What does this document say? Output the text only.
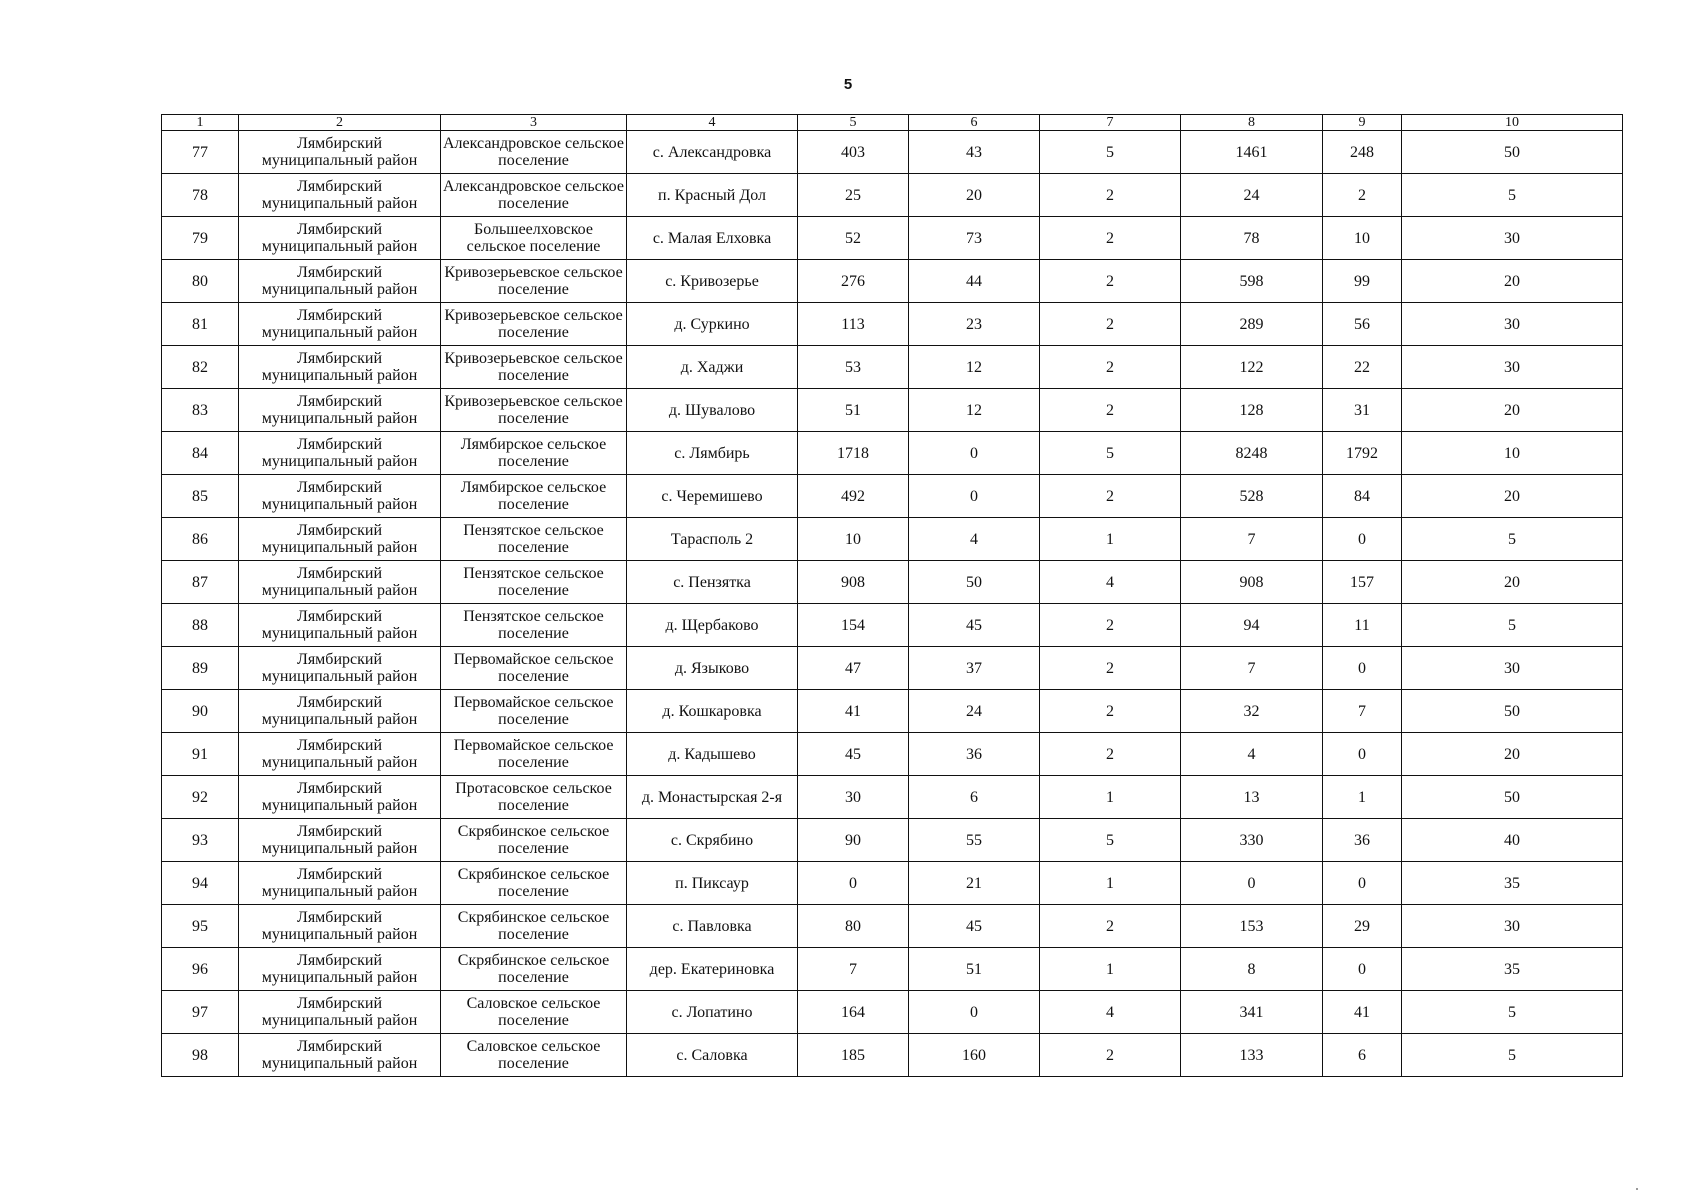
5
1	2	3	4	5	6	7	8	9	10
77	Лямбирский муниципальный район	Александровское сельское поселение	с. Александровка	403	43	5	1461	248	50
78	Лямбирский муниципальный район	Александровское сельское поселение	п. Красный Дол	25	20	2	24	2	5
79	Лямбирский муниципальный район	Большеелховское сельское поселение	с. Малая Елховка	52	73	2	78	10	30
80	Лямбирский муниципальный район	Кривозерьевское сельское поселение	с. Кривозерье	276	44	2	598	99	20
81	Лямбирский муниципальный район	Кривозерьевское сельское поселение	д. Суркино	113	23	2	289	56	30
82	Лямбирский муниципальный район	Кривозерьевское сельское поселение	д. Хаджи	53	12	2	122	22	30
83	Лямбирский муниципальный район	Кривозерьевское сельское поселение	д. Шувалово	51	12	2	128	31	20
84	Лямбирский муниципальный район	Лямбирское сельское поселение	с. Лямбирь	1718	0	5	8248	1792	10
85	Лямбирский муниципальный район	Лямбирское сельское поселение	с. Черемишево	492	0	2	528	84	20
86	Лямбирский муниципальный район	Пензятское сельское поселение	Тарасполь 2	10	4	1	7	0	5
87	Лямбирский муниципальный район	Пензятское сельское поселение	с. Пензятка	908	50	4	908	157	20
88	Лямбирский муниципальный район	Пензятское сельское поселение	д. Щербаково	154	45	2	94	11	5
89	Лямбирский муниципальный район	Первомайское сельское поселение	д. Языково	47	37	2	7	0	30
90	Лямбирский муниципальный район	Первомайское сельское поселение	д. Кошкаровка	41	24	2	32	7	50
91	Лямбирский муниципальный район	Первомайское сельское поселение	д. Кадышево	45	36	2	4	0	20
92	Лямбирский муниципальный район	Протасовское сельское поселение	д. Монастырская 2-я	30	6	1	13	1	50
93	Лямбирский муниципальный район	Скрябинское сельское поселение	с. Скрябино	90	55	5	330	36	40
94	Лямбирский муниципальный район	Скрябинское сельское поселение	п. Пиксаур	0	21	1	0	0	35
95	Лямбирский муниципальный район	Скрябинское сельское поселение	с. Павловка	80	45	2	153	29	30
96	Лямбирский муниципальный район	Скрябинское сельское поселение	дер. Екатериновка	7	51	1	8	0	35
97	Лямбирский муниципальный район	Саловское сельское поселение	с. Лопатино	164	0	4	341	41	5
98	Лямбирский муниципальный район	Саловское сельское поселение	с. Саловка	185	160	2	133	6	5
